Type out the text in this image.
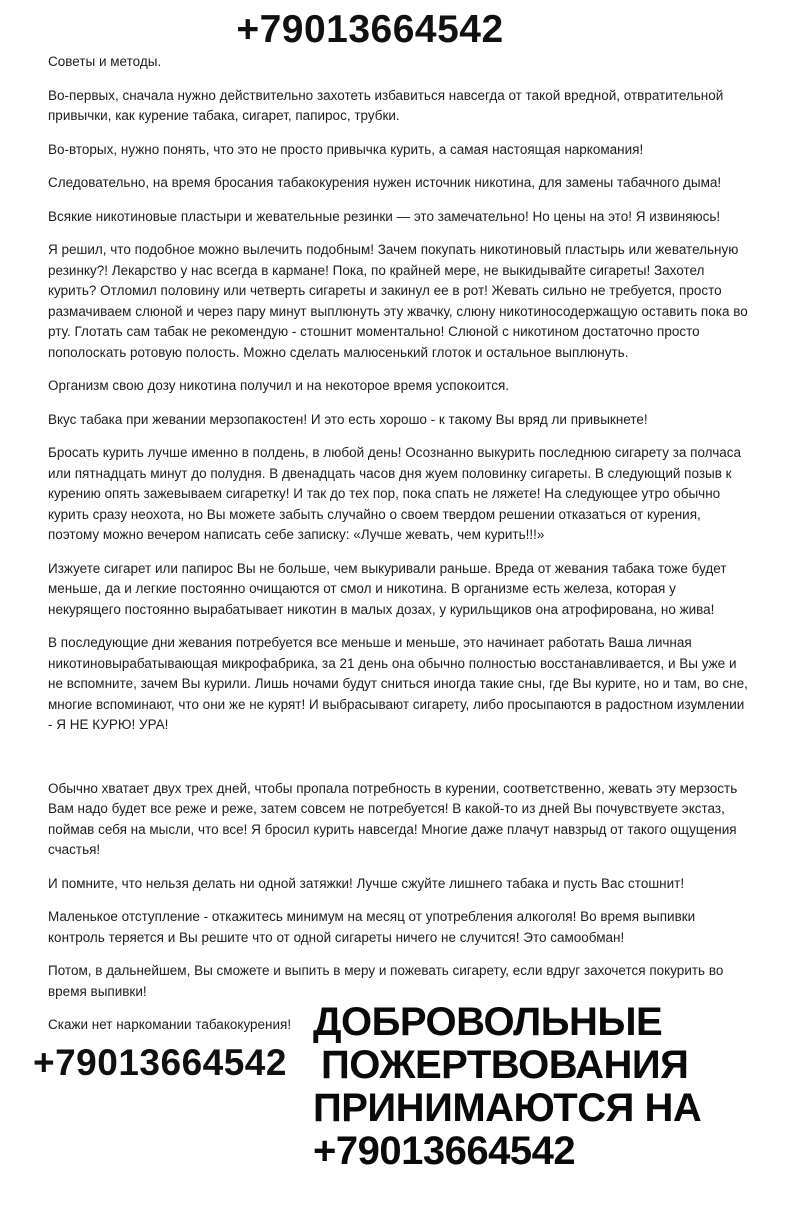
+79013664542

Советы и методы.

Во-первых, сначала нужно действительно захотеть избавиться навсегда от такой вредной, отвратительной привычки, как курение табака, сигарет, папирос, трубки.

Во-вторых, нужно понять, что это не просто привычка курить, а самая настоящая наркомания!

Следовательно, на время бросания табакокурения нужен источник никотина, для замены табачного дыма!

Всякие никотиновые пластыри и жевательные резинки — это замечательно! Но цены на это! Я извиняюсь!

Я решил, что подобное можно вылечить подобным! Зачем покупать никотиновый пластырь или жевательную резинку?! Лекарство у нас всегда в кармане! Пока, по крайней мере, не выкидывайте сигареты! Захотел курить? Отломил половину или четверть сигареты и закинул ее в рот! Жевать сильно не требуется, просто размачиваем слюной и через пару минут выплюнуть эту жвачку, слюну никотиносодержащую оставить пока во рту. Глотать сам табак не рекомендую - стошнит моментально! Слюной с никотином достаточно просто пополоскать ротовую полость. Можно сделать малюсенький глоток и остальное выплюнуть.

Организм свою дозу никотина получил и на некоторое время успокоится.

Вкус табака при жевании мерзопакостен! И это есть хорошо - к такому Вы вряд ли привыкнете!

Бросать курить лучше именно в полдень, в любой день! Осознанно выкурить последнюю сигарету за полчаса или пятнадцать минут до полудня. В двенадцать часов дня жуем половинку сигареты. В следующий позыв к курению опять зажевываем сигаретку! И так до тех пор, пока спать не ляжете! На следующее утро обычно курить сразу неохота, но Вы можете забыть случайно о своем твердом решении отказаться от курения, поэтому можно вечером написать себе записку: «Лучше жевать, чем курить!!!»

Изжуете сигарет или папирос Вы не больше, чем выкуривали раньше. Вреда от жевания табака тоже будет меньше, да и легкие постоянно очищаются от смол и никотина. В организме есть железа, которая у некурящего постоянно вырабатывает никотин в малых дозах, у курильщиков она атрофирована, но жива!

В последующие дни жевания потребуется все меньше и меньше, это начинает работать Ваша личная никотиновырабатывающая микрофабрика, за 21 день она обычно полностью восстанавливается, и Вы уже и не вспомните, зачем Вы курили. Лишь ночами будут сниться иногда такие сны, где Вы курите, но и там, во сне, многие вспоминают, что они же не курят! И выбрасывают сигарету, либо просыпаются в радостном изумлении - Я НЕ КУРЮ! УРА!

Обычно хватает двух трех дней, чтобы пропала потребность в курении, соответственно, жевать эту мерзость Вам надо будет все реже и реже, затем совсем не потребуется! В какой-то из дней Вы почувствуете экстаз, поймав себя на мысли, что все! Я бросил курить навсегда! Многие даже плачут навзрыд от такого ощущения счастья!

И помните, что нельзя делать ни одной затяжки! Лучше сжуйте лишнего табака и пусть Вас стошнит!

Маленькое отступление - откажитесь минимум на месяц от употребления алкоголя! Во время выпивки контроль теряется и Вы решите что от одной сигареты ничего не случится! Это самообман!

Потом, в дальнейшем, Вы сможете и выпить в меру и пожевать сигарету, если вдруг захочется покурить во время выпивки!

Скажи нет наркомании табакокурения!

+79013664542
ДОБРОВОЛЬНЫЕ
ПОЖЕРТВОВАНИЯ
ПРИНИМАЮТСЯ НА
+79013664542
